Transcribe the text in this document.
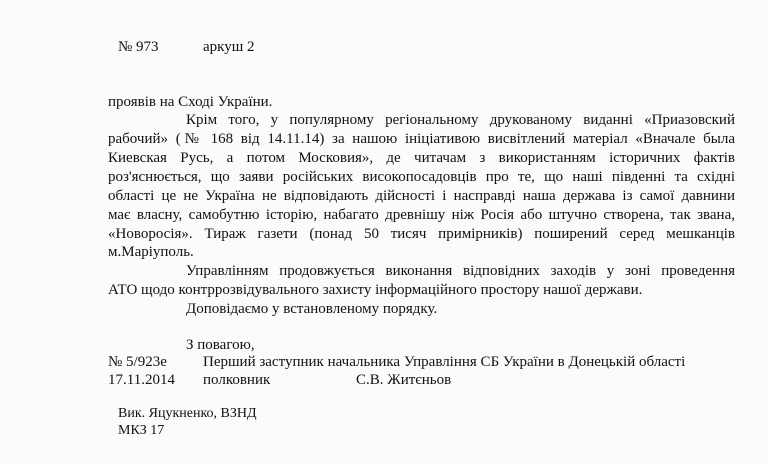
№ 973	аркуш 2
проявів на Сході України.
Крім того, у популярному регіональному друкованому виданні «Приазовский
рабочий» (№ 168 від 14.11.14) за нашою ініціативою висвітлений матеріал «Вначале была
Киевская Русь, а потом Московия», де читачам з використанням історичних фактів
роз'яснюється, що заяви російських високопосадовців про те, що наші південні та східні
області це не Україна не відповідають дійсності і насправді наша держава із самої давнини
має власну, самобутню історію, набагато древнішу ніж Росія або штучно створена, так звана,
«Новоросія». Тираж газети (понад 50 тисяч примірників) поширений серед мешканців
м.Маріуполь.
Управлінням продовжується виконання відповідних заходів у зоні проведення
АТО щодо контррозвідувального захисту інформаційного простору нашої держави.
Доповідаємо у встановленому порядку.
З повагою,
№ 5/923е Перший заступник начальника Управління СБ України в Донецькій області
17.11.2014 полковник	С.В. Житєньов
Вик. Яцукненко, ВЗНД
МКЗ 17
